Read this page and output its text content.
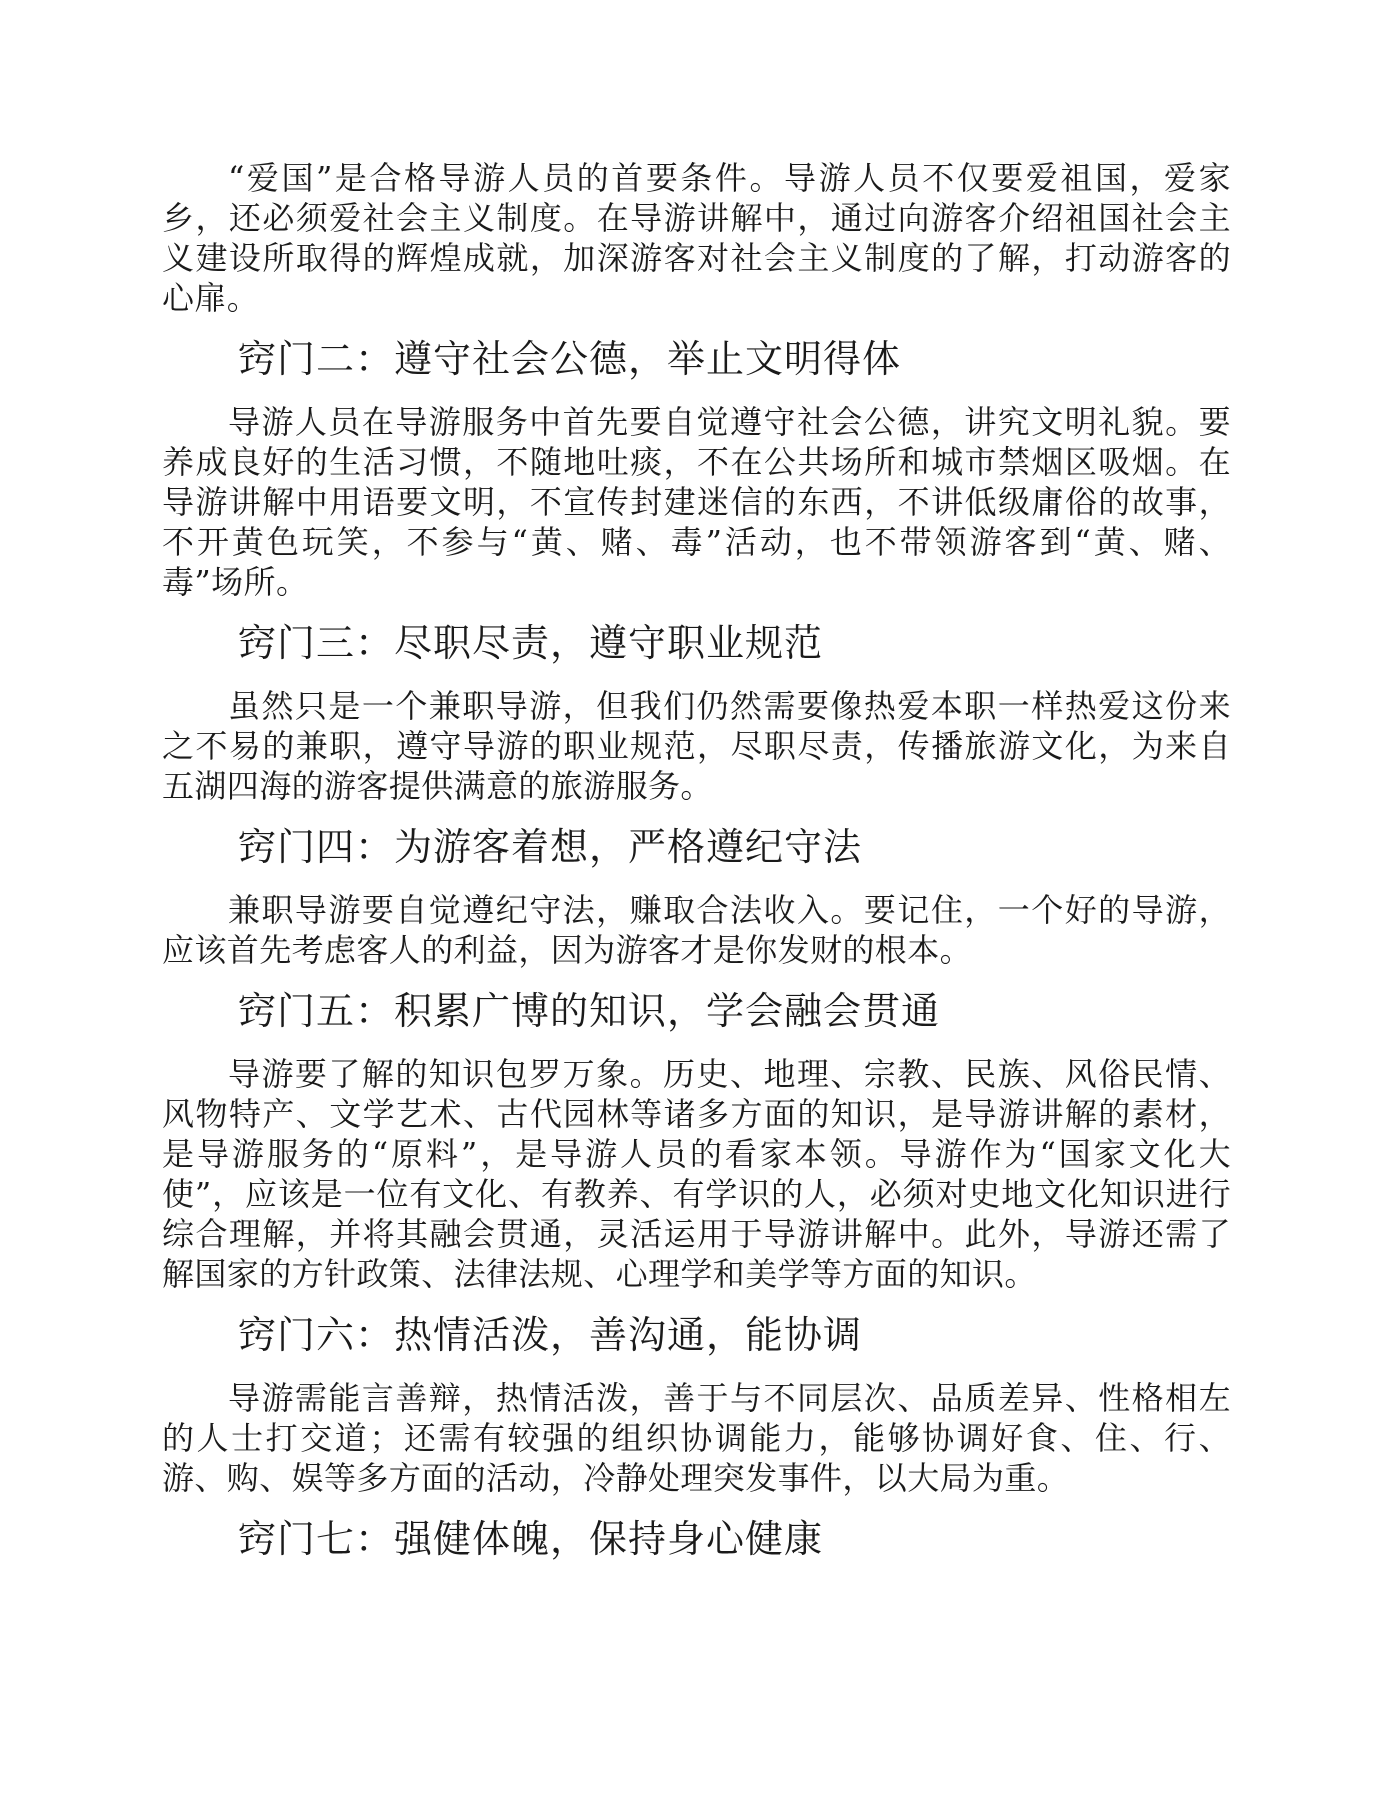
“爱国”是合格导游人员的首要条件。导游人员不仅要爱祖国，爱家乡，还必须爱社会主义制度。在导游讲解中，通过向游客介绍祖国社会主义建设所取得的辉煌成就，加深游客对社会主义制度的了解，打动游客的心扉。

窍门二：遵守社会公德，举止文明得体

导游人员在导游服务中首先要自觉遵守社会公德，讲究文明礼貌。要养成良好的生活习惯，不随地吐痰，不在公共场所和城市禁烟区吸烟。在导游讲解中用语要文明，不宣传封建迷信的东西，不讲低级庸俗的故事，不开黄色玩笑，不参与“黄、赌、毒”活动，也不带领游客到“黄、赌、毒”场所。

窍门三：尽职尽责，遵守职业规范

虽然只是一个兼职导游，但我们仍然需要像热爱本职一样热爱这份来之不易的兼职，遵守导游的职业规范，尽职尽责，传播旅游文化，为来自五湖四海的游客提供满意的旅游服务。

窍门四：为游客着想，严格遵纪守法

兼职导游要自觉遵纪守法，赚取合法收入。要记住，一个好的导游，应该首先考虑客人的利益，因为游客才是你发财的根本。

窍门五：积累广博的知识，学会融会贯通

导游要了解的知识包罗万象。历史、地理、宗教、民族、风俗民情、风物特产、文学艺术、古代园林等诸多方面的知识，是导游讲解的素材，是导游服务的“原料”，是导游人员的看家本领。导游作为“国家文化大使”，应该是一位有文化、有教养、有学识的人，必须对史地文化知识进行综合理解，并将其融会贯通，灵活运用于导游讲解中。此外，导游还需了解国家的方针政策、法律法规、心理学和美学等方面的知识。

窍门六：热情活泼，善沟通，能协调

导游需能言善辩，热情活泼，善于与不同层次、品质差异、性格相左的人士打交道；还需有较强的组织协调能力，能够协调好食、住、行、游、购、娱等多方面的活动，冷静处理突发事件，以大局为重。

窍门七：强健体魄，保持身心健康
